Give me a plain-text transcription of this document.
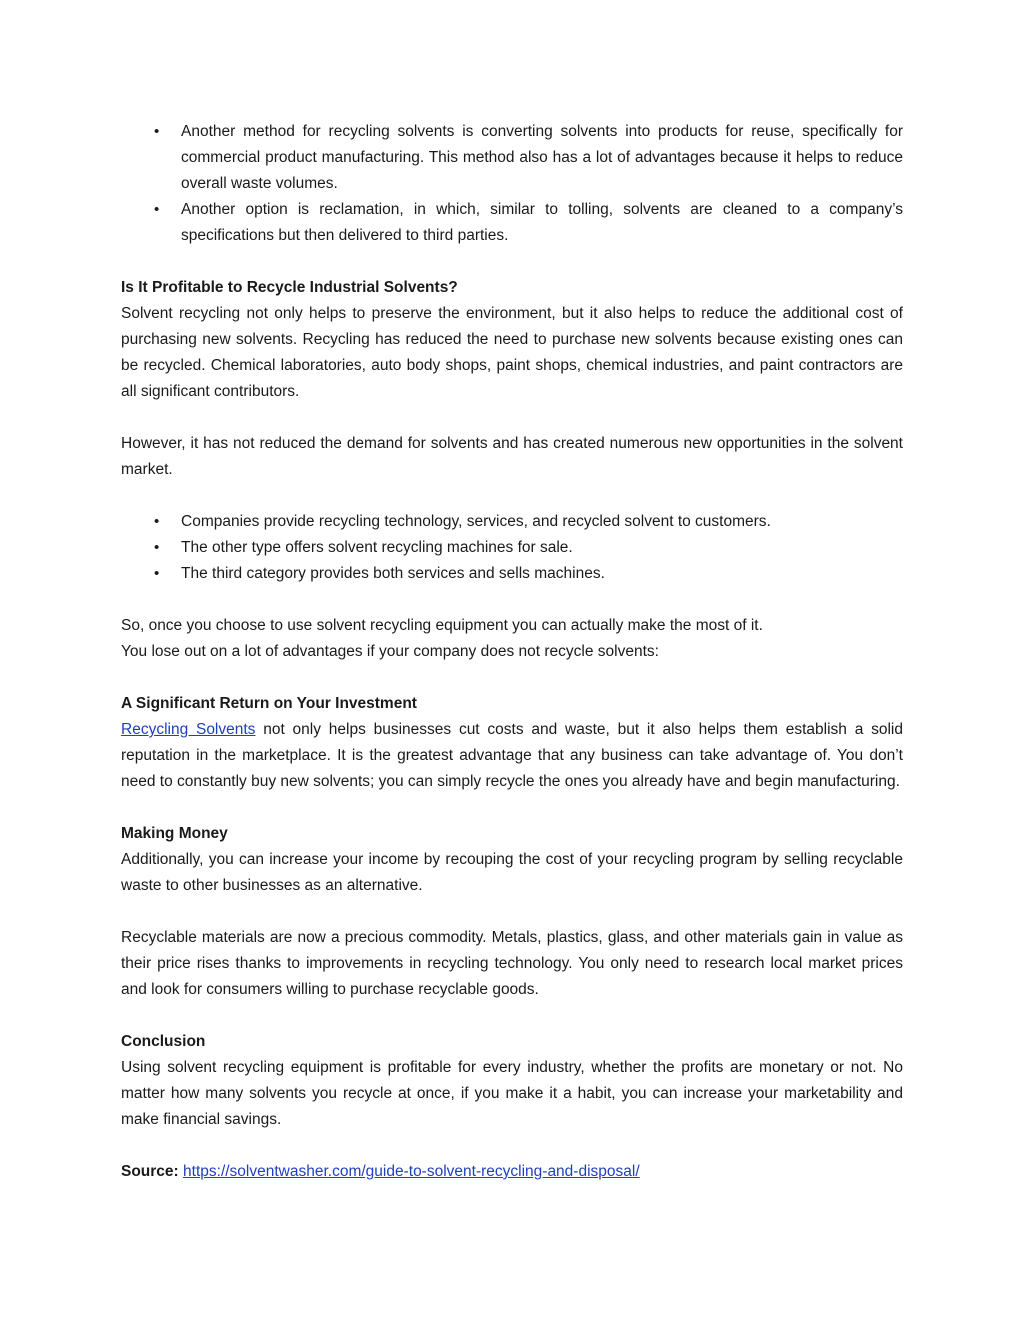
• Another method for recycling solvents is converting solvents into products for reuse, specifically for commercial product manufacturing. This method also has a lot of advantages because it helps to reduce overall waste volumes.
• Another option is reclamation, in which, similar to tolling, solvents are cleaned to a company’s specifications but then delivered to third parties.
Is It Profitable to Recycle Industrial Solvents?

Solvent recycling not only helps to preserve the environment, but it also helps to reduce the additional cost of purchasing new solvents. Recycling has reduced the need to purchase new solvents because existing ones can be recycled. Chemical laboratories, auto body shops, paint shops, chemical industries, and paint contractors are all significant contributors.

However, it has not reduced the demand for solvents and has created numerous new opportunities in the solvent market.

• Companies provide recycling technology, services, and recycled solvent to customers.
• The other type offers solvent recycling machines for sale.
• The third category provides both services and sells machines.

So, once you choose to use solvent recycling equipment you can actually make the most of it.

You lose out on a lot of advantages if your company does not recycle solvents:

A Significant Return on Your Investment

Recycling Solvents not only helps businesses cut costs and waste, but it also helps them establish a solid reputation in the marketplace. It is the greatest advantage that any business can take advantage of. You don’t need to constantly buy new solvents; you can simply recycle the ones you already have and begin manufacturing.

Making Money

Additionally, you can increase your income by recouping the cost of your recycling program by selling recyclable waste to other businesses as an alternative.

Recyclable materials are now a precious commodity. Metals, plastics, glass, and other materials gain in value as their price rises thanks to improvements in recycling technology. You only need to research local market prices and look for consumers willing to purchase recyclable goods.

Conclusion

Using solvent recycling equipment is profitable for every industry, whether the profits are monetary or not. No matter how many solvents you recycle at once, if you make it a habit, you can increase your marketability and make financial savings.

Source: https://solventwasher.com/guide-to-solvent-recycling-and-disposal/
